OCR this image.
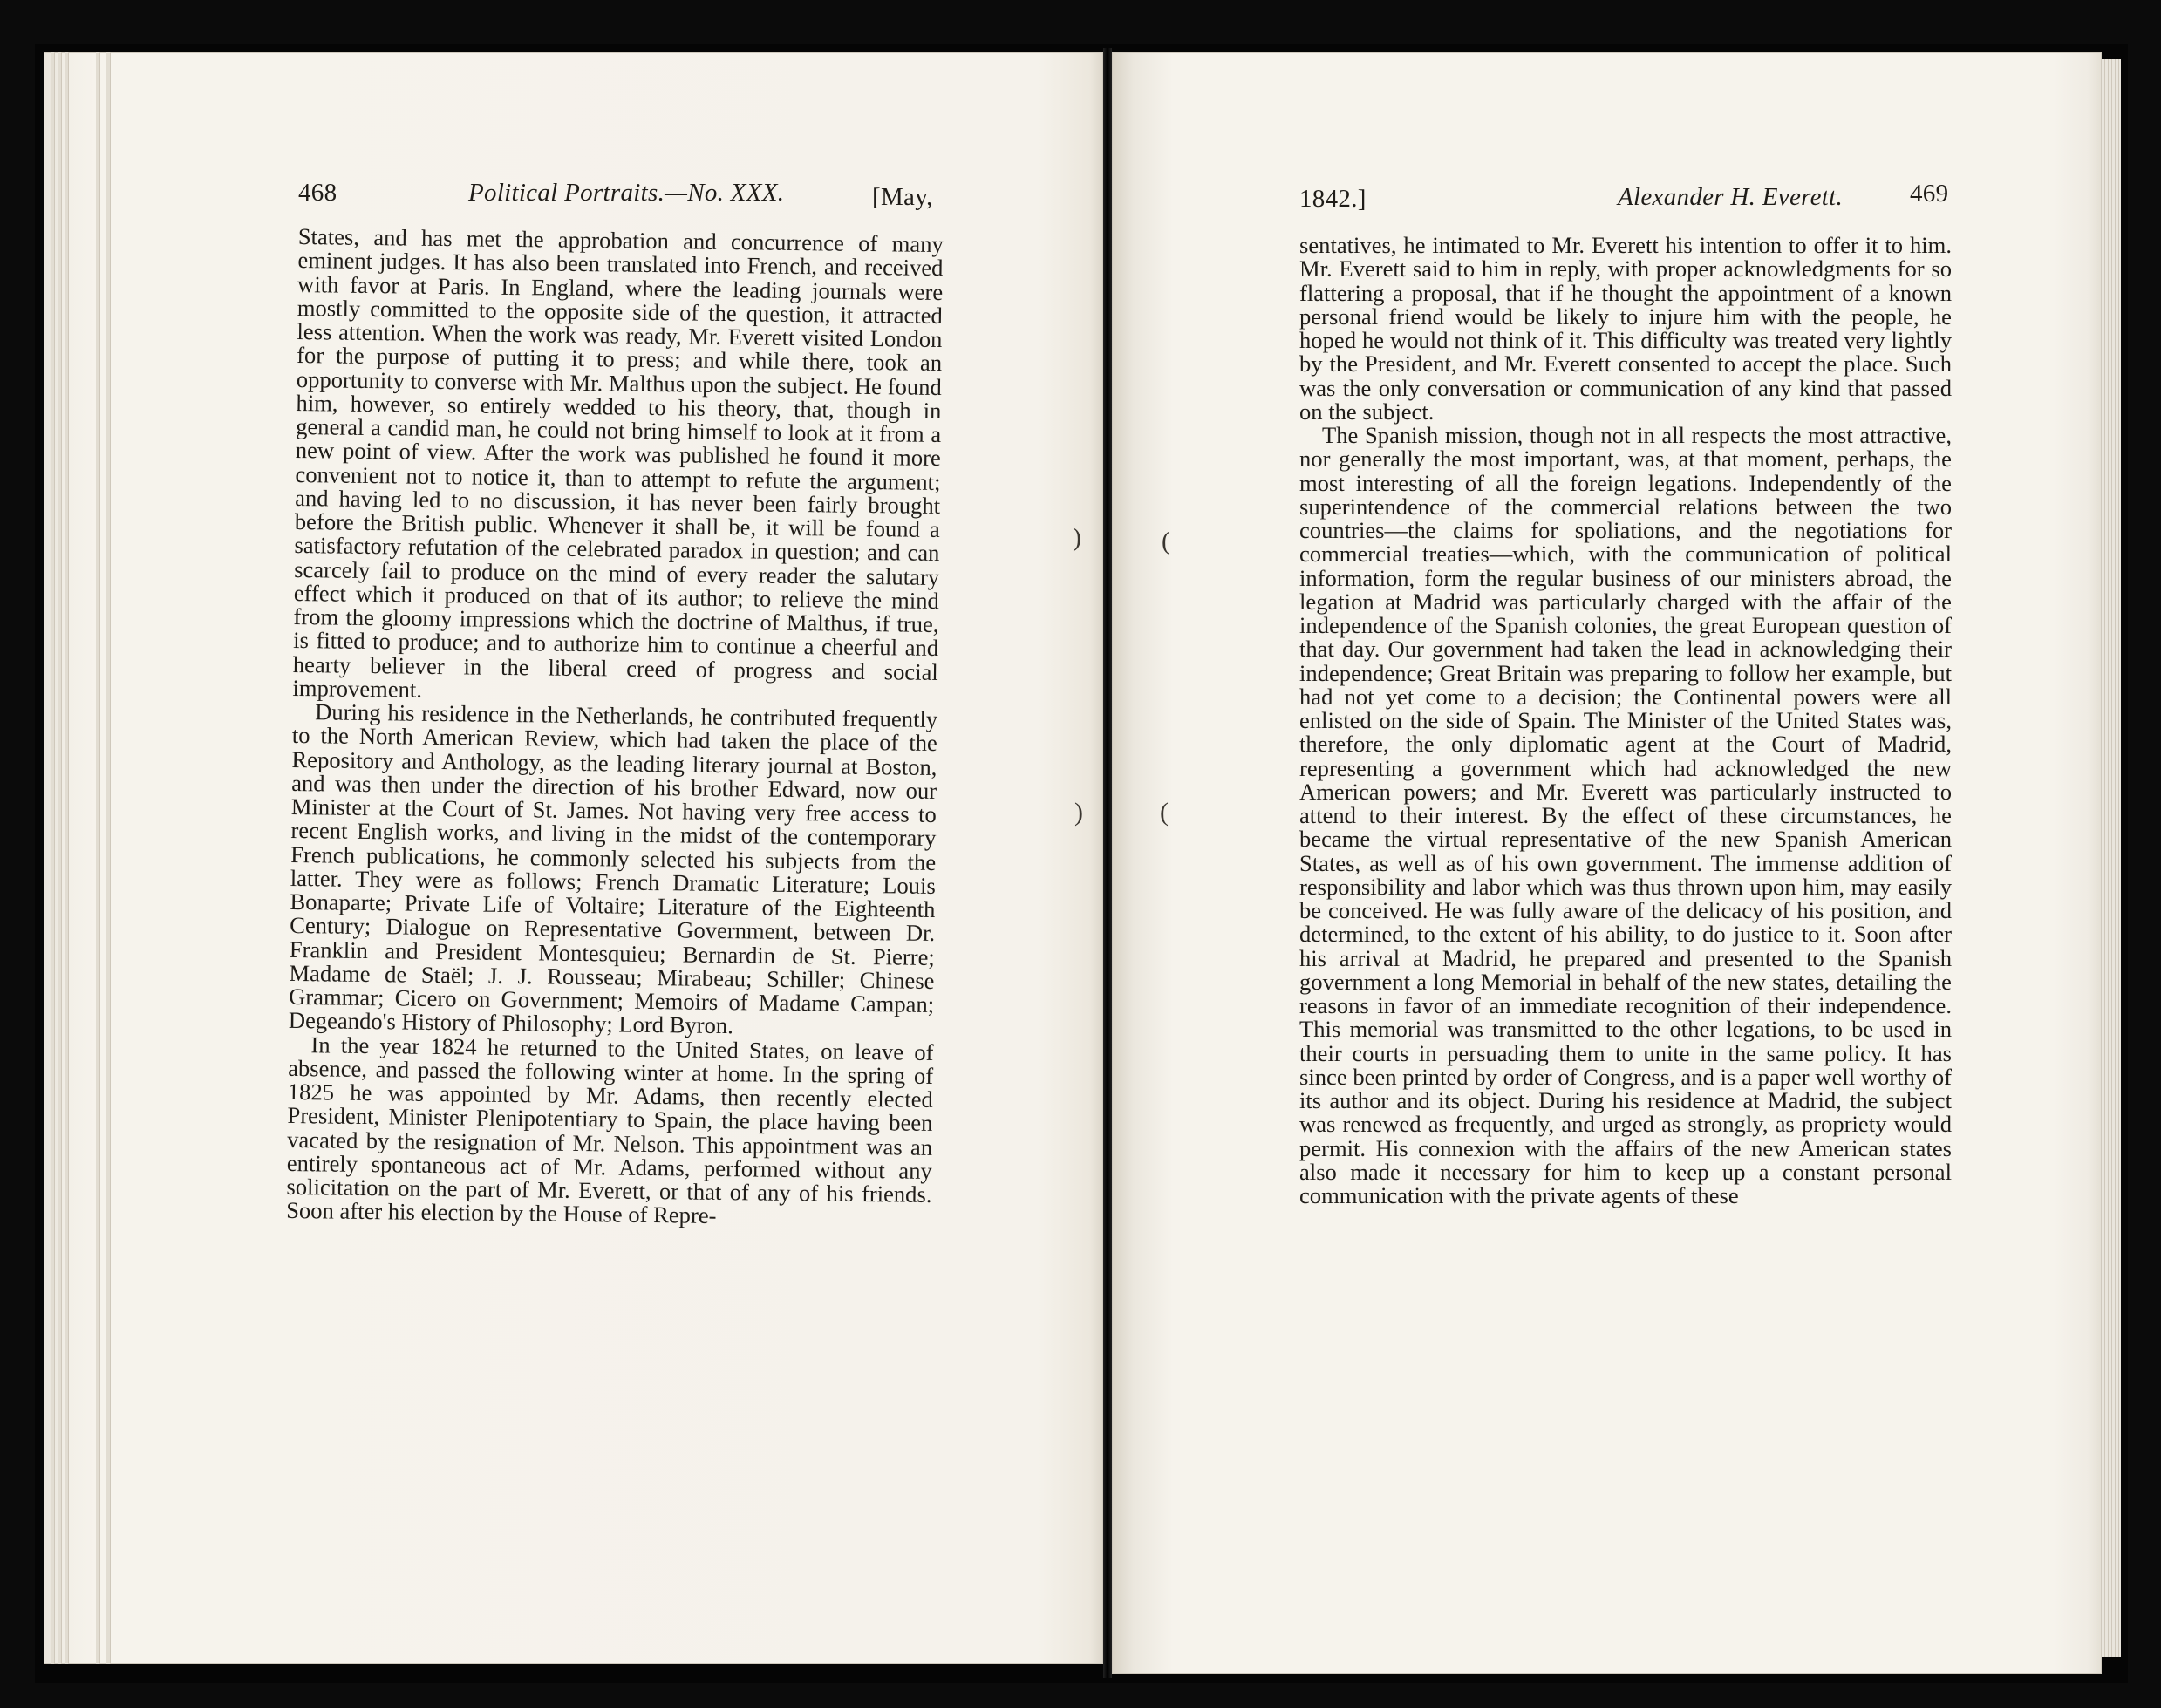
468	Political Portraits.—No. XXX.	[May,	1842.]	Alexander H. Everett.	469

States, and has met the approbation and concurrence of many eminent judges. It has also been translated into French, and received with favor at Paris. In England, where the leading journals were mostly committed to the opposite side of the question, it attracted less attention. When the work was ready, Mr. Everett visited London for the purpose of putting it to press; and while there, took an opportunity to converse with Mr. Malthus upon the subject. He found him, however, so entirely wedded to his theory, that, though in general a candid man, he could not bring himself to look at it from a new point of view. After the work was published he found it more convenient not to notice it, than to attempt to refute the argument; and having led to no discussion, it has never been fairly brought before the British public. Whenever it shall be, it will be found a satisfactory refutation of the celebrated paradox in question; and can scarcely fail to produce on the mind of every reader the salutary effect which it produced on that of its author; to relieve the mind from the gloomy impressions which the doctrine of Malthus, if true, is fitted to produce; and to authorize him to continue a cheerful and hearty believer in the liberal creed of progress and social improvement.

During his residence in the Netherlands, he contributed frequently to the North American Review, which had taken the place of the Repository and Anthology, as the leading literary journal at Boston, and was then under the direction of his brother Edward, now our Minister at the Court of St. James. Not having very free access to recent English works, and living in the midst of the contemporary French publications, he commonly selected his subjects from the latter. They were as follows; French Dramatic Literature; Louis Bonaparte; Private Life of Voltaire; Literature of the Eighteenth Century; Dialogue on Representative Government, between Dr. Franklin and President Montesquieu; Bernardin de St. Pierre; Madame de Staël; J. J. Rousseau; Mirabeau; Schiller; Chinese Grammar; Cicero on Government; Memoirs of Madame Campan; Degeando's History of Philosophy; Lord Byron.

In the year 1824 he returned to the United States, on leave of absence, and passed the following winter at home. In the spring of 1825 he was appointed by Mr. Adams, then recently elected President, Minister Plenipotentiary to Spain, the place having been vacated by the resignation of Mr. Nelson. This appointment was an entirely spontaneous act of Mr. Adams, performed without any solicitation on the part of Mr. Everett, or that of any of his friends. Soon after his election by the House of Repre-

sentatives, he intimated to Mr. Everett his intention to offer it to him. Mr. Everett said to him in reply, with proper acknowledgments for so flattering a proposal, that if he thought the appointment of a known personal friend would be likely to injure him with the people, he hoped he would not think of it. This difficulty was treated very lightly by the President, and Mr. Everett consented to accept the place. Such was the only conversation or communication of any kind that passed on the subject.

The Spanish mission, though not in all respects the most attractive, nor generally the most important, was, at that moment, perhaps, the most interesting of all the foreign legations. Independently of the superintendence of the commercial relations between the two countries—the claims for spoliations, and the negotiations for commercial treaties—which, with the communication of political information, form the regular business of our ministers abroad, the legation at Madrid was particularly charged with the affair of the independence of the Spanish colonies, the great European question of that day. Our government had taken the lead in acknowledging their independence; Great Britain was preparing to follow her example, but had not yet come to a decision; the Continental powers were all enlisted on the side of Spain. The Minister of the United States was, therefore, the only diplomatic agent at the Court of Madrid, representing a government which had acknowledged the new American powers; and Mr. Everett was particularly instructed to attend to their interest. By the effect of these circumstances, he became the virtual representative of the new Spanish American States, as well as of his own government. The immense addition of responsibility and labor which was thus thrown upon him, may easily be conceived. He was fully aware of the delicacy of his position, and determined, to the extent of his ability, to do justice to it. Soon after his arrival at Madrid, he prepared and presented to the Spanish government a long Memorial in behalf of the new states, detailing the reasons in favor of an immediate recognition of their independence. This memorial was transmitted to the other legations, to be used in their courts in persuading them to unite in the same policy. It has since been printed by order of Congress, and is a paper well worthy of its author and its object. During his residence at Madrid, the subject was renewed as frequently, and urged as strongly, as propriety would permit. His connexion with the affairs of the new American states also made it necessary for him to keep up a constant personal communication with the private agents of these

)	(
)	(
